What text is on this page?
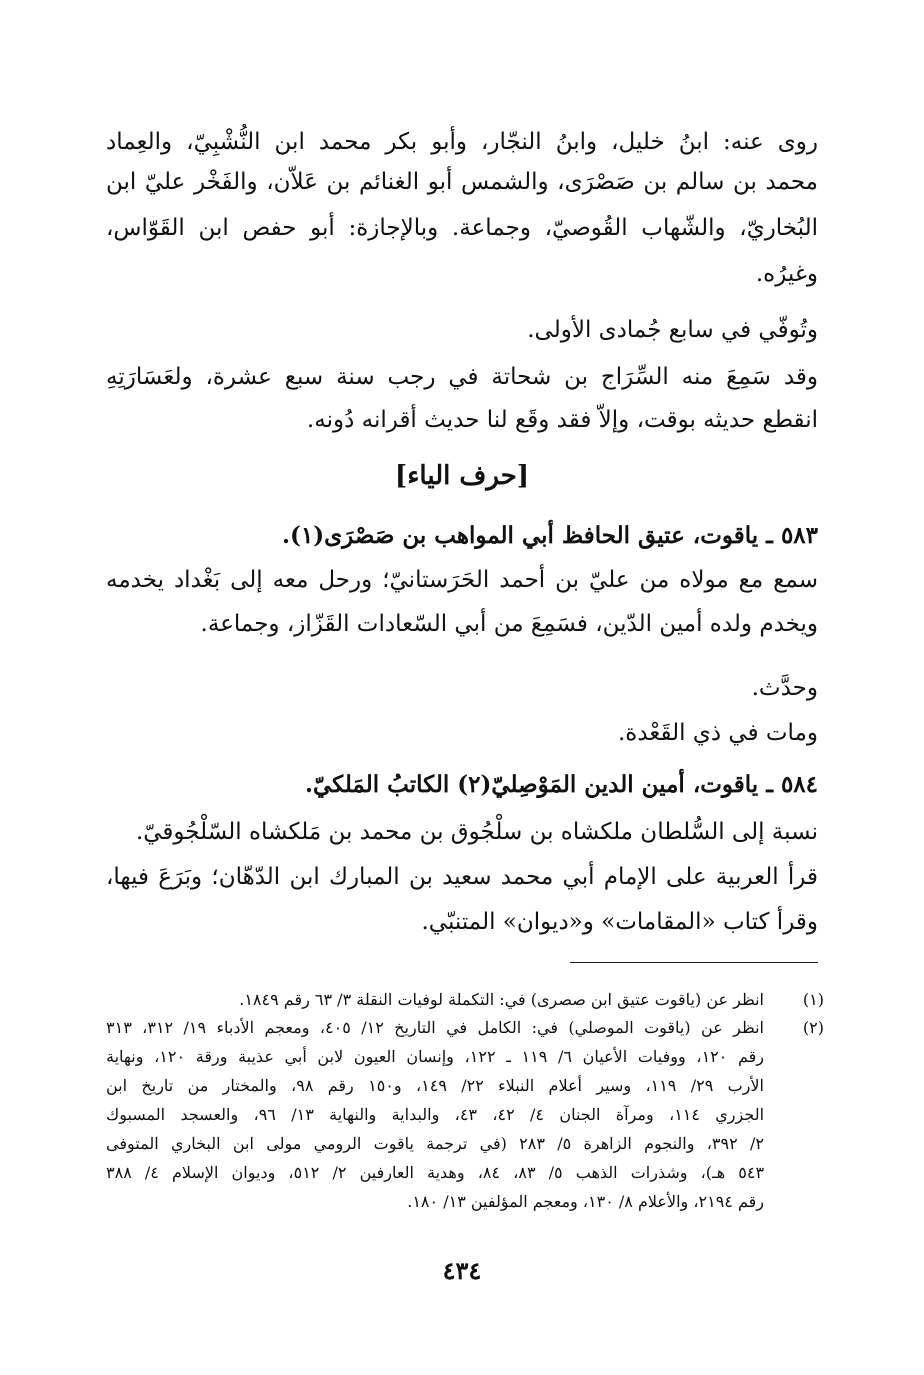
روى عنه: ابنُ خليل، وابنُ النجّار، وأبو بكر محمد ابن النُّشْبِيّ، والعِماد
محمد بن سالم بن صَصْرَى، والشمس أبو الغنائم بن عَلاّن، والفَخْر عليّ ابن
البُخاريّ، والشّهاب القُوصيّ، وجماعة. وبالإجازة: أبو حفص ابن القَوّاس،
وغيرُه.
وتُوفّي في سابع جُمادى الأولى.
وقد سَمِعَ منه السِّرَاج بن شحاتة في رجب سنة سبع عشرة، ولعَسَارَتِهِ
انقطع حديثه بوقت، وإلاّ فقد وقَع لنا حديث أقرانه دُونه.
[حرف الياء]
٥٨٣ ـ ياقوت، عتيق الحافظ أبي المواهب بن صَصْرَى(١).
سمع مع مولاه من عليّ بن أحمد الحَرَستانيّ؛ ورحل معه إلى بَغْداد يخدمه
ويخدم ولده أمين الدّين، فسَمِعَ من أبي السّعادات القَزّاز، وجماعة.
وحدَّث.
ومات في ذي القَعْدة.
٥٨٤ ـ ياقوت، أمين الدين المَوْصِليّ(٢) الكاتبُ المَلكيّ.
نسبة إلى السُّلطان ملكشاه بن سلْجُوق بن محمد بن مَلكشاه السّلْجُوقيّ.
قرأ العربية على الإمام أبي محمد سعيد بن المبارك ابن الدّهّان؛ وبَرَعَ فيها،
وقرأ كتاب «المقامات» و«ديوان» المتنبّي.
(١)
انظر عن (ياقوت عتيق ابن صصرى) في: التكملة لوفيات النقلة ٣/ ٦٣ رقم ١٨٤٩.
(٢)
انظر عن (ياقوت الموصلي) في: الكامل في التاريخ ١٢/ ٤٠٥، ومعجم الأدباء ١٩/ ٣١٢، ٣١٣
رقم ١٢٠، ووفيات الأعيان ٦/ ١١٩ ـ ١٢٢، وإنسان العيون لابن أبي عذيبة ورقة ١٢٠، ونهاية
الأرب ٢٩/ ١١٩، وسير أعلام النبلاء ٢٢/ ١٤٩، و١٥٠ رقم ٩٨، والمختار من تاريخ ابن
الجزري ١١٤، ومرآة الجنان ٤/ ٤٢، ٤٣، والبداية والنهاية ١٣/ ٩٦، والعسجد المسبوك
٢/ ٣٩٢، والنجوم الزاهرة ٥/ ٢٨٣ (في ترجمة ياقوت الرومي مولى ابن البخاري المتوفى
٥٤٣ هـ)، وشذرات الذهب ٥/ ٨٣، ٨٤، وهدية العارفين ٢/ ٥١٢، وديوان الإسلام ٤/ ٣٨٨
رقم ٢١٩٤، والأعلام ٨/ ١٣٠، ومعجم المؤلفين ١٣/ ١٨٠.
٤٣٤
